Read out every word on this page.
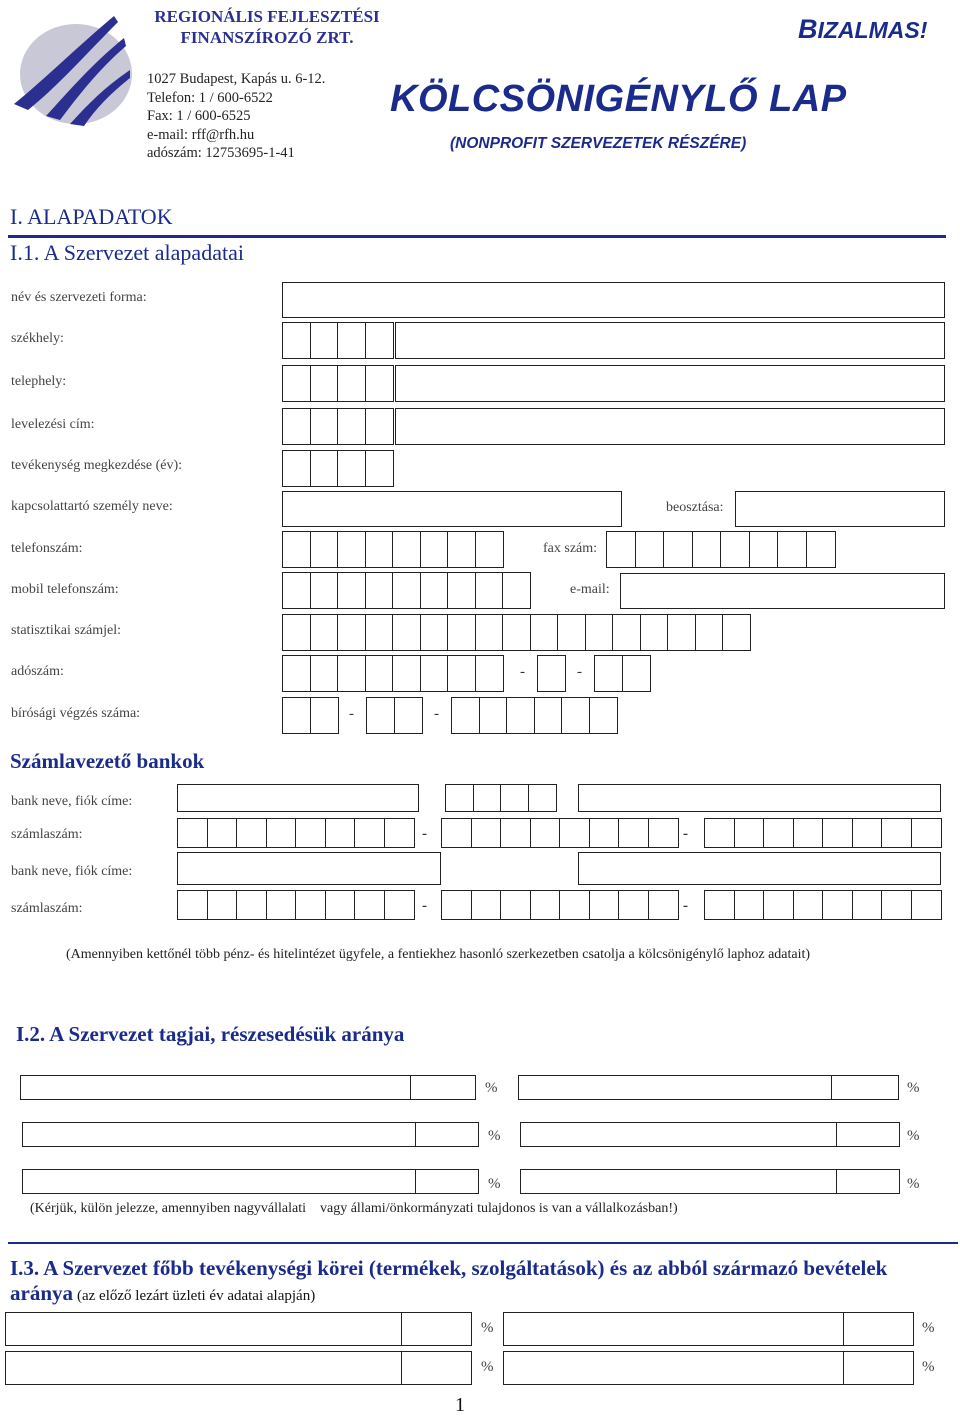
REGIONÁLIS FEJLESZTÉSI
FINANSZÍROZÓ ZRT.
1027 Budapest, Kapás u. 6-12.
Telefon: 1 / 600-6522
Fax: 1 / 600-6525
e-mail: rff@rfh.hu
adószám: 12753695-1-41
BIZALMAS!
KÖLCSÖNIGÉNYLŐ LAP
(NONPROFIT SZERVEZETEK RÉSZÉRE)
I. ALAPADATOK
I.1. A Szervezet alapadatai
név és szervezeti forma:
székhely:
telephely:
levelezési cím:
tevékenység megkezdése (év):
kapcsolattartó személy neve:	beosztása:
telefonszám:	fax szám:
mobil telefonszám:	e-mail:
statisztikai számjel:
adószám:	-	-
bírósági végzés száma:	-	-
Számlavezető bankok
bank neve, fiók címe:
számlaszám:	-	-
bank neve, fiók címe:
számlaszám:	-	-
(Amennyiben kettőnél több pénz- és hitelintézet ügyfele, a fentiekhez hasonló szerkezetben csatolja a kölcsönigénylő laphoz adatait)
I.2. A Szervezet tagjai, részesedésük aránya
%	%
%	%
%	%
(Kérjük, külön jelezze, amennyiben nagyvállalati    vagy állami/önkormányzati tulajdonos is van a vállalkozásban!)
I.3. A Szervezet főbb tevékenységi körei (termékek, szolgáltatások) és az abból származó bevételek
aránya (az előző lezárt üzleti év adatai alapján)
%	%
%	%
1
